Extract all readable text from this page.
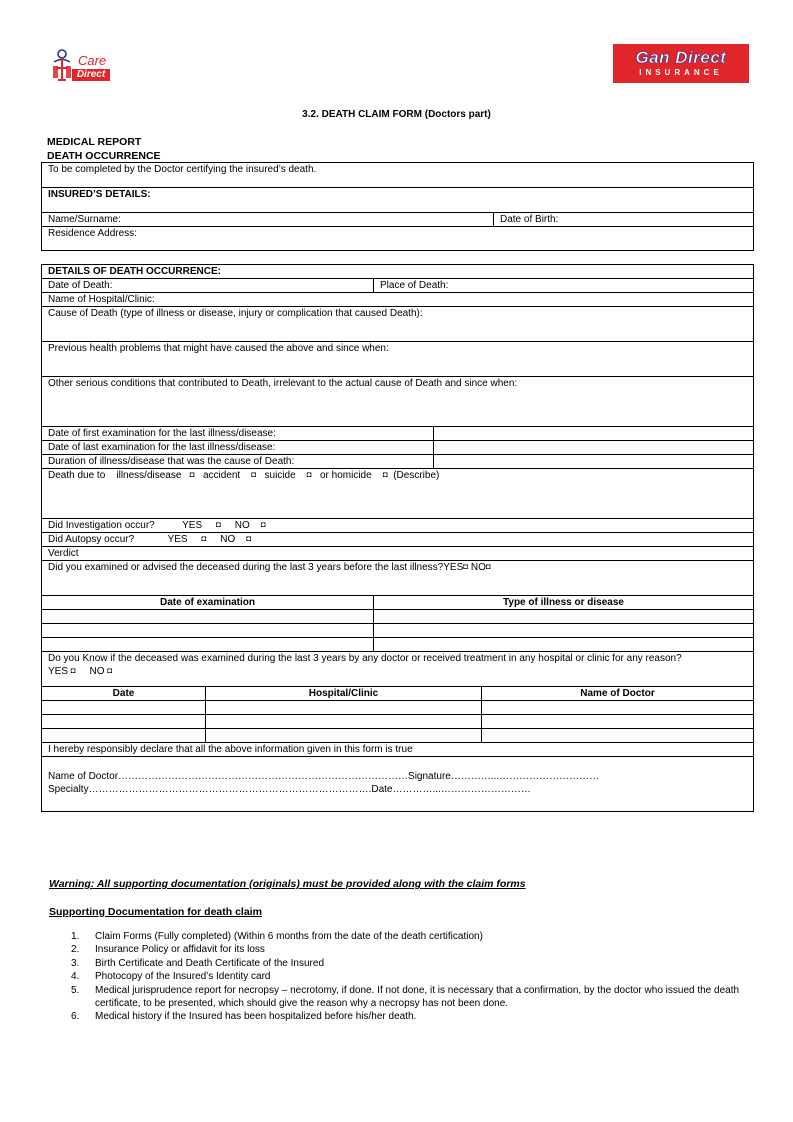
Care
Direct
Gan Direct
INSURANCE
3.2. DEATH CLAIM FORM (Doctors part)
MEDICAL REPORT
DEATH OCCURRENCE
To be completed by the Doctor certifying the insured’s death.
INSURED’S DETAILS:
Name/Surname:	Date of Birth:
Residence Address:
DETAILS OF DEATH OCCURRENCE:		
Date of Death:	Place of Death:	
Name of Hospital/Clinic:		
Cause of Death (type of illness or disease, injury or complication that caused Death):		
Previous health problems that might have caused the above and since when:		
Other serious conditions that contributed to Death, irrelevant to the actual cause of Death and since when:		
Date of first examination for the last illness/disease:		
Date of last examination for the last illness/disease:		
Duration of illness/disease that was the cause of Death:		
Death due to illness/disease ◘ accident ◘ suicide ◘ or homicide ◘ (Describe)		
Did Investigation occur? YES ◘ NO ◘		
Did Autopsy occur? YES ◘ NO ◘		
Verdict		
Did you examined or advised the deceased during the last 3 years before the last illness?YES◘ NO◘		
Date of examination	Type of illness or disease	

Do you Know if the deceased was examined during the last 3 years by any doctor or received treatment in any hospital or clinic for any reason?
YES ◘ NO ◘		
Date	Hospital/Clinic	Name of Doctor

I hereby responsibly declare that all the above information given in this form is true		

Name of Doctor……………………………………………………………………………Signature…………...…………………………
Specialty………………………………………………………………………….Date…………...………………………		
Warning: All supporting documentation (originals) must be provided along with the claim forms
Supporting Documentation for death claim
1. Claim Forms (Fully completed) (Within 6 months from the date of the death certification)
2. Insurance Policy or affidavit for its loss
3. Birth Certificate and Death Certificate of the Insured
4. Photocopy of the Insured’s Identity card
5. Medical jurisprudence report for necropsy – necrotomy, if done. If not done, it is necessary that a confirmation, by the doctor who issued the death certificate, to be presented, which should give the reason why a necropsy has not been done.
6. Medical history if the Insured has been hospitalized before his/her death.
